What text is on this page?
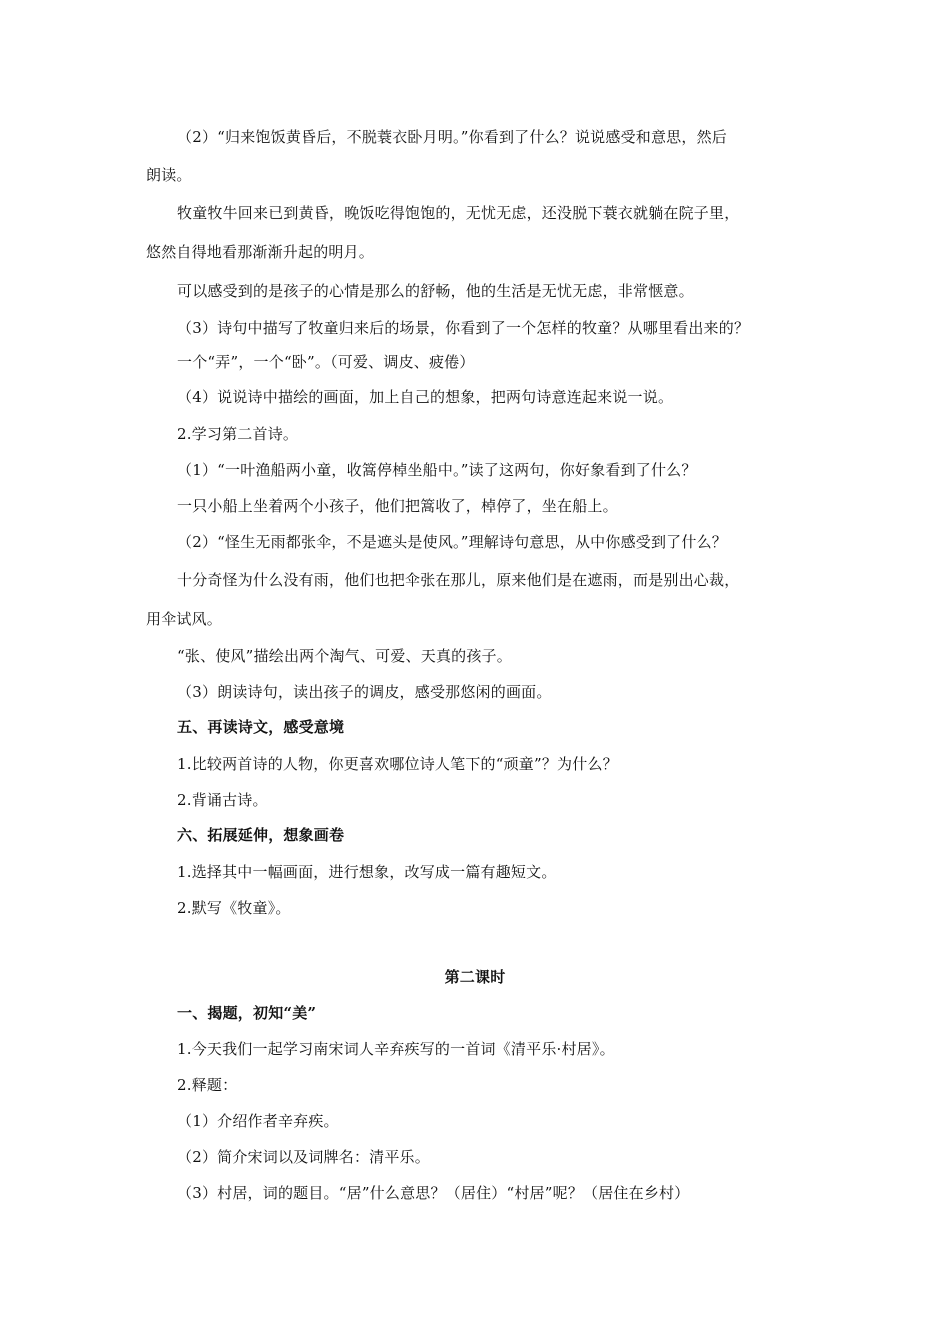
（2）“归来饱饭黄昏后，不脱蓑衣卧月明。”你看到了什么？说说感受和意思，然后
朗读。
牧童牧牛回来已到黄昏，晚饭吃得饱饱的，无忧无虑，还没脱下蓑衣就躺在院子里，
悠然自得地看那渐渐升起的明月。
可以感受到的是孩子的心情是那么的舒畅，他的生活是无忧无虑，非常惬意。
（3）诗句中描写了牧童归来后的场景，你看到了一个怎样的牧童？从哪里看出来的？
一个“弄”，一个“卧”。（可爱、调皮、疲倦）
（4）说说诗中描绘的画面，加上自己的想象，把两句诗意连起来说一说。
2.学习第二首诗。
（1）“一叶渔船两小童，收篙停棹坐船中。”读了这两句，你好象看到了什么？
一只小船上坐着两个小孩子，他们把篙收了，棹停了，坐在船上。
（2）“怪生无雨都张伞，不是遮头是使风。”理解诗句意思，从中你感受到了什么？
十分奇怪为什么没有雨，他们也把伞张在那儿，原来他们是在遮雨，而是别出心裁，
用伞试风。
“张、使风”描绘出两个淘气、可爱、天真的孩子。
（3）朗读诗句，读出孩子的调皮，感受那悠闲的画面。
五、再读诗文，感受意境
1.比较两首诗的人物，你更喜欢哪位诗人笔下的“顽童”？为什么？
2.背诵古诗。
六、拓展延伸，想象画卷
1.选择其中一幅画面，进行想象，改写成一篇有趣短文。
2.默写《牧童》。
第二课时
一、揭题，初知“美”
1.今天我们一起学习南宋词人辛弃疾写的一首词《清平乐·村居》。
2.释题：
（1）介绍作者辛弃疾。
（2）简介宋词以及词牌名：清平乐。
（3）村居，词的题目。“居”什么意思？（居住）“村居”呢？（居住在乡村）
